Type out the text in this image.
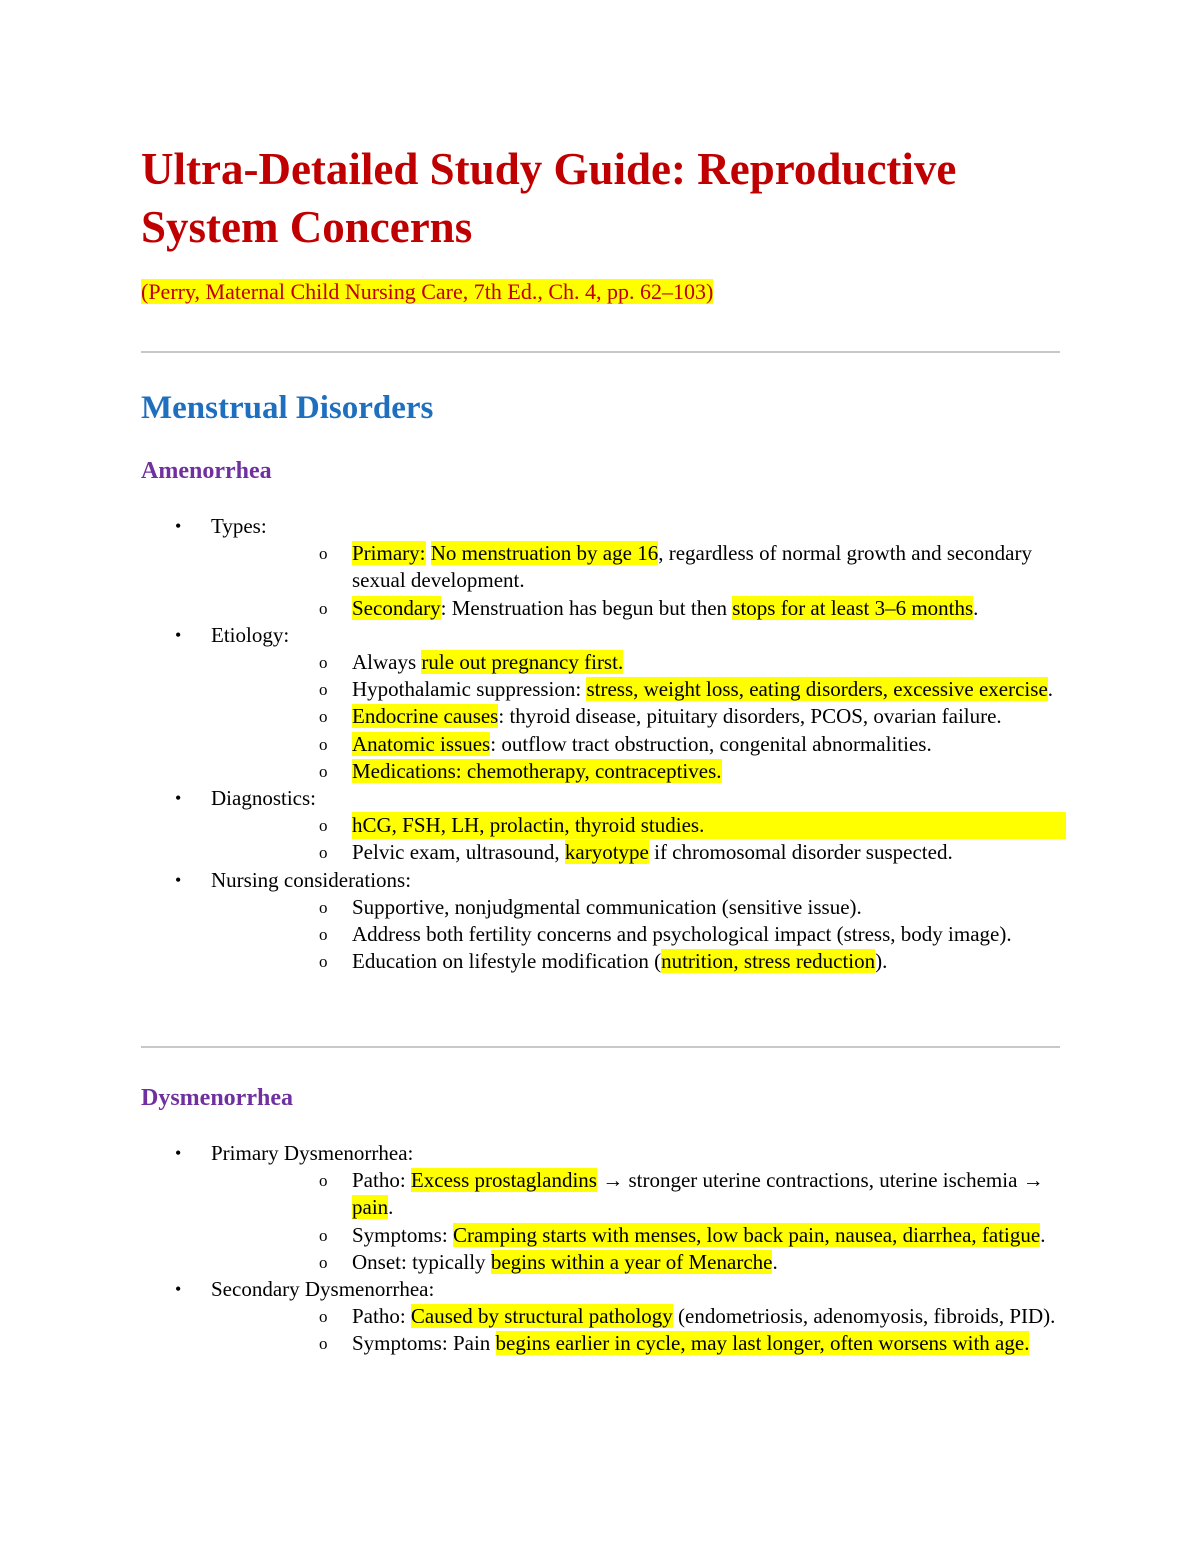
Ultra-Detailed Study Guide: Reproductive System Concerns

(Perry, Maternal Child Nursing Care, 7th Ed., Ch. 4, pp. 62–103)

Menstrual Disorders
Amenorrhea
• Types:
o Primary: No menstruation by age 16, regardless of normal growth and secondary sexual development.
o Secondary: Menstruation has begun but then stops for at least 3–6 months.
• Etiology:
o Always rule out pregnancy first.
o Hypothalamic suppression: stress, weight loss, eating disorders, excessive exercise.
o Endocrine causes: thyroid disease, pituitary disorders, PCOS, ovarian failure.
o Anatomic issues: outflow tract obstruction, congenital abnormalities.
o Medications: chemotherapy, contraceptives.
• Diagnostics:
o hCG, FSH, LH, prolactin, thyroid studies.
o Pelvic exam, ultrasound, karyotype if chromosomal disorder suspected.
• Nursing considerations:
o Supportive, nonjudgmental communication (sensitive issue).
o Address both fertility concerns and psychological impact (stress, body image).
o Education on lifestyle modification (nutrition, stress reduction).
Dysmenorrhea
• Primary Dysmenorrhea:
o Patho: Excess prostaglandins → stronger uterine contractions, uterine ischemia → pain.
o Symptoms: Cramping starts with menses, low back pain, nausea, diarrhea, fatigue.
o Onset: typically begins within a year of Menarche.
• Secondary Dysmenorrhea:
o Patho: Caused by structural pathology (endometriosis, adenomyosis, fibroids, PID).
o Symptoms: Pain begins earlier in cycle, may last longer, often worsens with age.
